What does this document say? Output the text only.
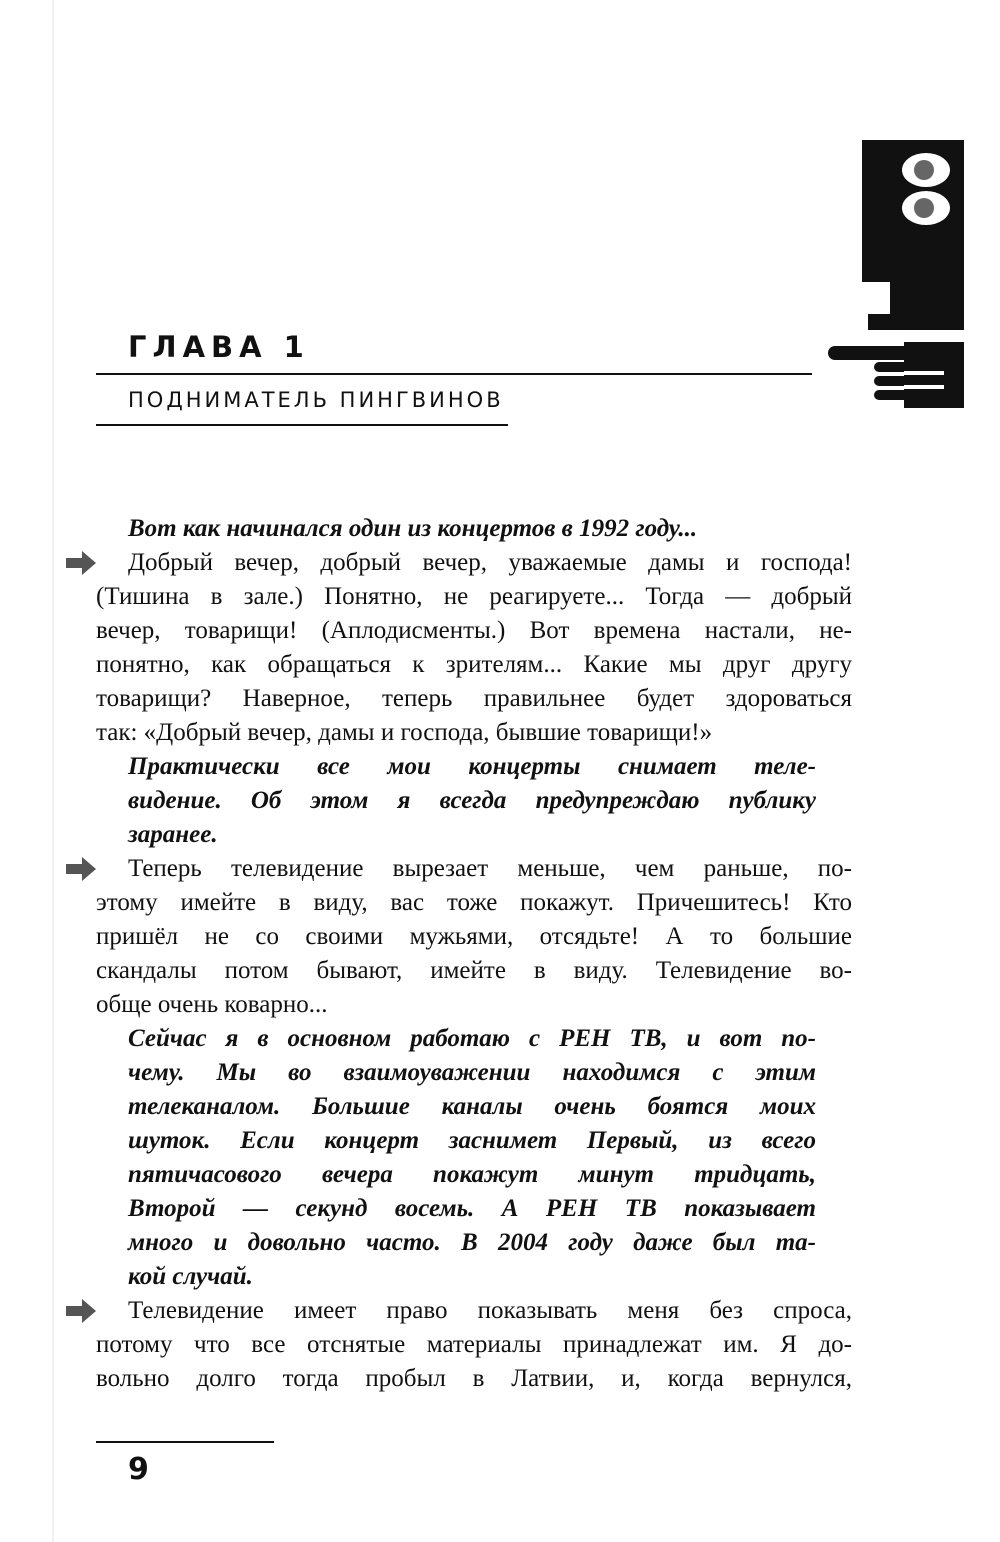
ГЛАВА 1
ПОДНИМАТЕЛЬ ПИНГВИНОВ
Вот как начинался один из концертов в 1992 году...
Добрый вечер, добрый вечер, уважаемые дамы и господа!
(Тишина в зале.) Понятно, не реагируете... Тогда — добрый
вечер, товарищи! (Аплодисменты.) Вот времена настали, не-
понятно, как обращаться к зрителям... Какие мы друг другу
товарищи? Наверное, теперь правильнее будет здороваться
так: «Добрый вечер, дамы и господа, бывшие товарищи!»
Практически все мои концерты снимает теле-
видение. Об этом я всегда предупреждаю публику
заранее.
Теперь телевидение вырезает меньше, чем раньше, по-
этому имейте в виду, вас тоже покажут. Причешитесь! Кто
пришёл не со своими мужьями, отсядьте! А то большие
скандалы потом бывают, имейте в виду. Телевидение во-
обще очень коварно...
Сейчас я в основном работаю с РЕН ТВ, и вот по-
чему. Мы во взаимоуважении находимся с этим
телеканалом. Большие каналы очень боятся моих
шуток. Если концерт заснимет Первый, из всего
пятичасового вечера покажут минут тридцать,
Второй — секунд восемь. А РЕН ТВ показывает
много и довольно часто. В 2004 году даже был та-
кой случай.
Телевидение имеет право показывать меня без спроса,
потому что все отснятые материалы принадлежат им. Я до-
вольно долго тогда пробыл в Латвии, и, когда вернулся,
9
